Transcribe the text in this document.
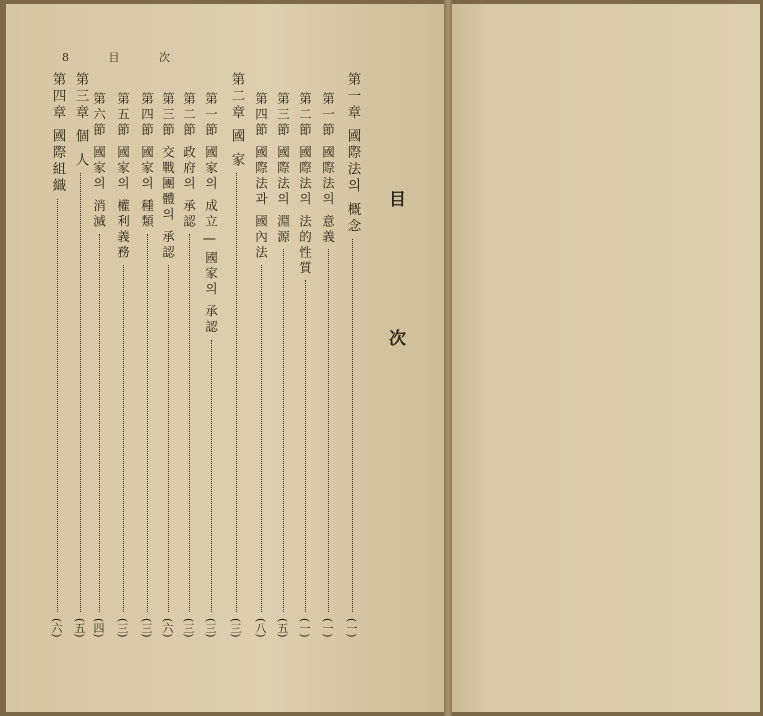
8 目 次
目 次
第一章 國際法의 概念
(一)
第一節 國際法의 意義
(一)
第二節 國際法의 法的性質
(一)
第三節 國際法의 淵源
(五)
第四節 國際法과 國內法
(八)
第二章 國 家
(三)
第一節 國家의 成立 | 國家의 承認
(三)
第二節 政府의 承認
(三)
第三節 交戰團體의 承認
(六)
第四節 國家의 種類
(三)
第五節 國家의 權利義務
(三)
第六節 國家의 消滅
(四)
第三章 個 人
(五)
第四章 國際組織
(六)
